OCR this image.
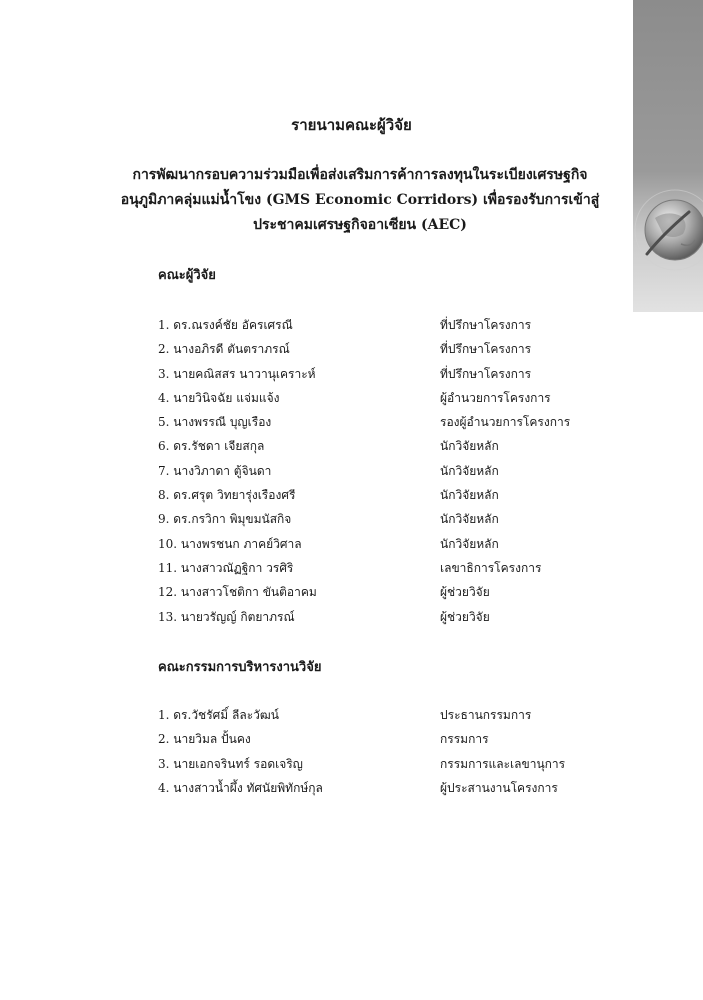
รายนามคณะผู้วิจัย
การพัฒนากรอบความร่วมมือเพื่อส่งเสริมการค้าการลงทุนในระเบียงเศรษฐกิจ
อนุภูมิภาคลุ่มแม่น้ำโขง (GMS Economic Corridors) เพื่อรองรับการเข้าสู่
ประชาคมเศรษฐกิจอาเซียน (AEC)
คณะผู้วิจัย
1. ดร.ณรงค์ชัย อัครเศรณี	ที่ปรึกษาโครงการ
2. นางอภิรดี ตันตราภรณ์	ที่ปรึกษาโครงการ
3. นายคณิสสร นาวานุเคราะห์	ที่ปรึกษาโครงการ
4. นายวินิจฉัย แจ่มแจ้ง	ผู้อำนวยการโครงการ
5. นางพรรณี บุญเรือง	รองผู้อำนวยการโครงการ
6. ดร.รัชดา เจียสกุล	นักวิจัยหลัก
7. นางวิภาดา ตู้จินดา	นักวิจัยหลัก
8. ดร.ศรุต วิทยารุ่งเรืองศรี	นักวิจัยหลัก
9. ดร.กรวิกา พิมุขมนัสกิจ	นักวิจัยหลัก
10. นางพรชนก ภาคย์วิศาล	นักวิจัยหลัก
11. นางสาวณัฏฐิกา วรศิริ	เลขาธิการโครงการ
12. นางสาวโชติกา ขันติอาคม	ผู้ช่วยวิจัย
13. นายวรัญญ์ กิตยาภรณ์	ผู้ช่วยวิจัย
คณะกรรมการบริหารงานวิจัย
1. ดร.วัชรัศมิ์ ลีละวัฒน์	ประธานกรรมการ
2. นายวิมล ปั้นคง	กรรมการ
3. นายเอกจรินทร์ รอดเจริญ	กรรมการและเลขานุการ
4. นางสาวน้ำผึ้ง ทัศนัยพิทักษ์กุล	ผู้ประสานงานโครงการ
